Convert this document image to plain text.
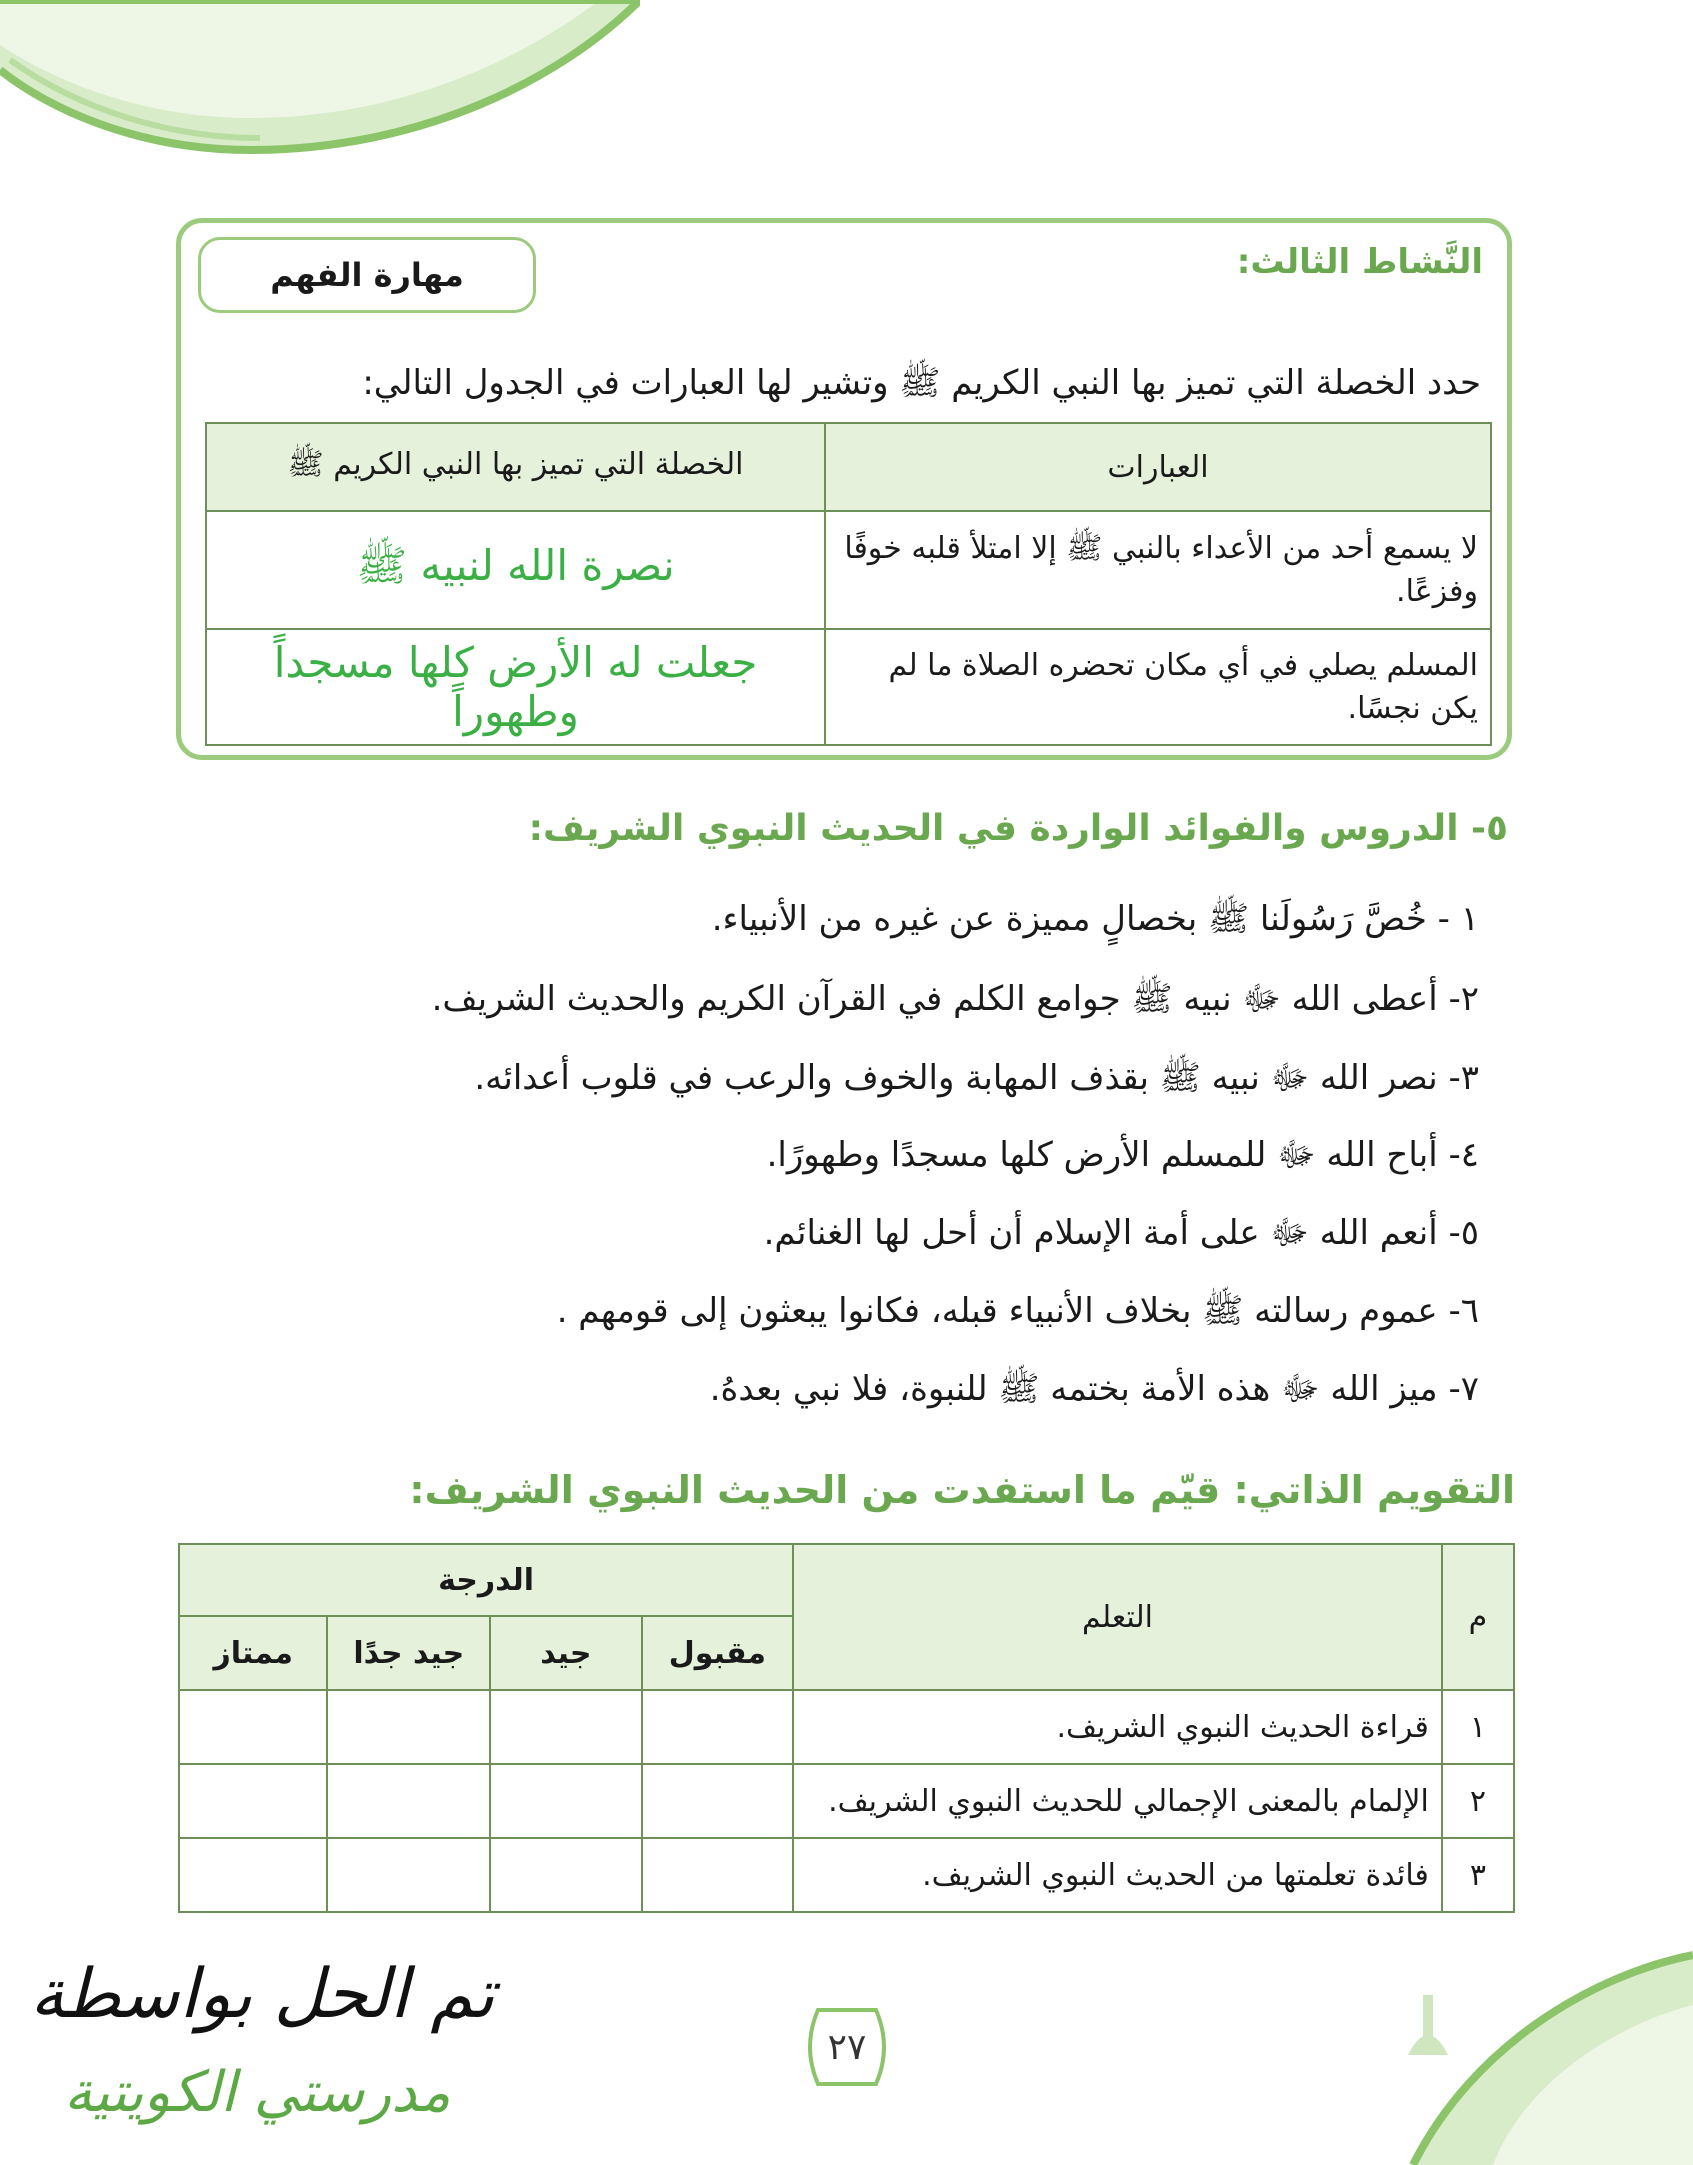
النَّشاط الثالث:
مهارة الفهم
حدد الخصلة التي تميز بها النبي الكريم ﷺ وتشير لها العبارات في الجدول التالي:
العبارات	الخصلة التي تميز بها النبي الكريم ﷺ
لا يسمع أحد من الأعداء بالنبي ﷺ إلا امتلأ قلبه خوفًا وفزعًا.	نصرة الله لنبيه ﷺ
المسلم يصلي في أي مكان تحضره الصلاة ما لم يكن نجسًا.	جعلت له الأرض كلها مسجداً وطهوراً
٥- الدروس والفوائد الواردة في الحديث النبوي الشريف:
١ - خُصَّ رَسُولَنا ﷺ بخصالٍ مميزة عن غيره من الأنبياء.
٢- أعطى الله ﷻ نبيه ﷺ جوامع الكلم في القرآن الكريم والحديث الشريف.
٣- نصر الله ﷻ نبيه ﷺ بقذف المهابة والخوف والرعب في قلوب أعدائه.
٤- أباح الله ﷻ للمسلم الأرض كلها مسجدًا وطهورًا.
٥- أنعم الله ﷻ على أمة الإسلام أن أحل لها الغنائم.
٦- عموم رسالته ﷺ بخلاف الأنبياء قبله، فكانوا يبعثون إلى قومهم .
٧- ميز الله ﷻ هذه الأمة بختمه ﷺ للنبوة، فلا نبي بعدهُ.
التقويم الذاتي: قيّم ما استفدت من الحديث النبوي الشريف:
م	التعلم	الدرجة			
		مقبول	جيد	جيد جدًا	ممتاز
١	قراءة الحديث النبوي الشريف.				
٢	الإلمام بالمعنى الإجمالي للحديث النبوي الشريف.				
٣	فائدة تعلمتها من الحديث النبوي الشريف.				
٢٧
تم الحل بواسطة
مدرستي الكويتية
